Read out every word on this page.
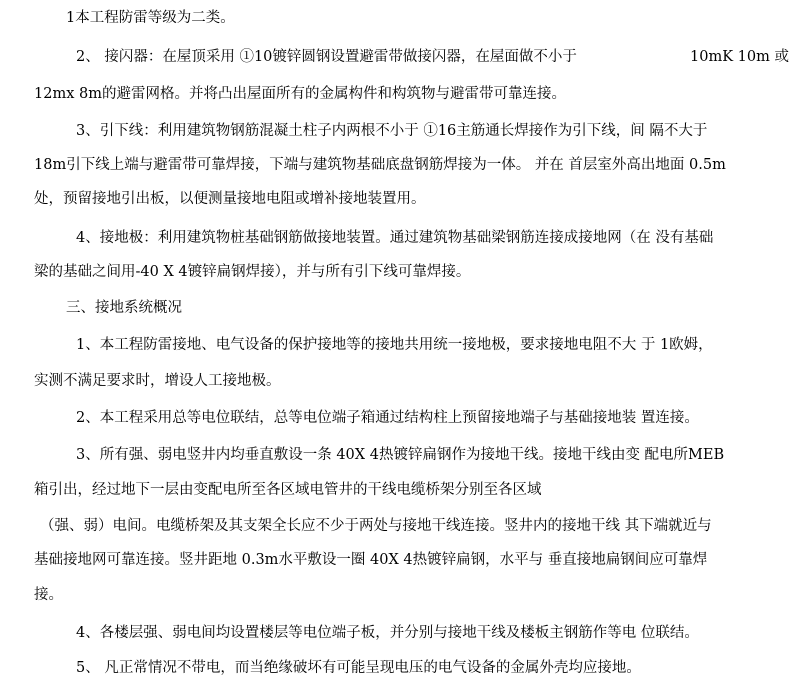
1本工程防雷等级为二类。
2、 接闪器：在屋顶采用 ①10镀锌圆钢设置避雷带做接闪器，在屋面做不小于	10mK 10m 或
12mx 8m的避雷网格。并将凸出屋面所有的金属构件和构筑物与避雷带可靠连接。
3、引下线：利用建筑物钢筋混凝土柱子内两根不小于 ①16主筋通长焊接作为引下线，间 隔不大于
18m引下线上端与避雷带可靠焊接，下端与建筑物基础底盘钢筋焊接为一体。 并在 首层室外高出地面 0.5m
处，预留接地引出板，以便测量接地电阻或增补接地装置用。
4、接地极：利用建筑物桩基础钢筋做接地装置。通过建筑物基础梁钢筋连接成接地网（在 没有基础
梁的基础之间用-40 X 4镀锌扁钢焊接），并与所有引下线可靠焊接。
三、接地系统概况
1、本工程防雷接地、电气设备的保护接地等的接地共用统一接地极，要求接地电阻不大 于 1欧姆，
实测不满足要求时，增设人工接地极。
2、本工程采用总等电位联结，总等电位端子箱通过结构柱上预留接地端子与基础接地装 置连接。
3、所有强、弱电竖井内均垂直敷设一条 40X 4热镀锌扁钢作为接地干线。接地干线由变 配电所MEB
箱引出，经过地下一层由变配电所至各区域电管井的干线电缆桥架分别至各区域
（强、弱）电间。电缆桥架及其支架全长应不少于两处与接地干线连接。竖井内的接地干线 其下端就近与
基础接地网可靠连接。竖井距地 0.3m水平敷设一圈 40X 4热镀锌扁钢，水平与 垂直接地扁钢间应可靠焊
接。
4、各楼层强、弱电间均设置楼层等电位端子板，并分别与接地干线及楼板主钢筋作等电 位联结。
5、 凡正常情况不带电，而当绝缘破坏有可能呈现电压的电气设备的金属外壳均应接地。
